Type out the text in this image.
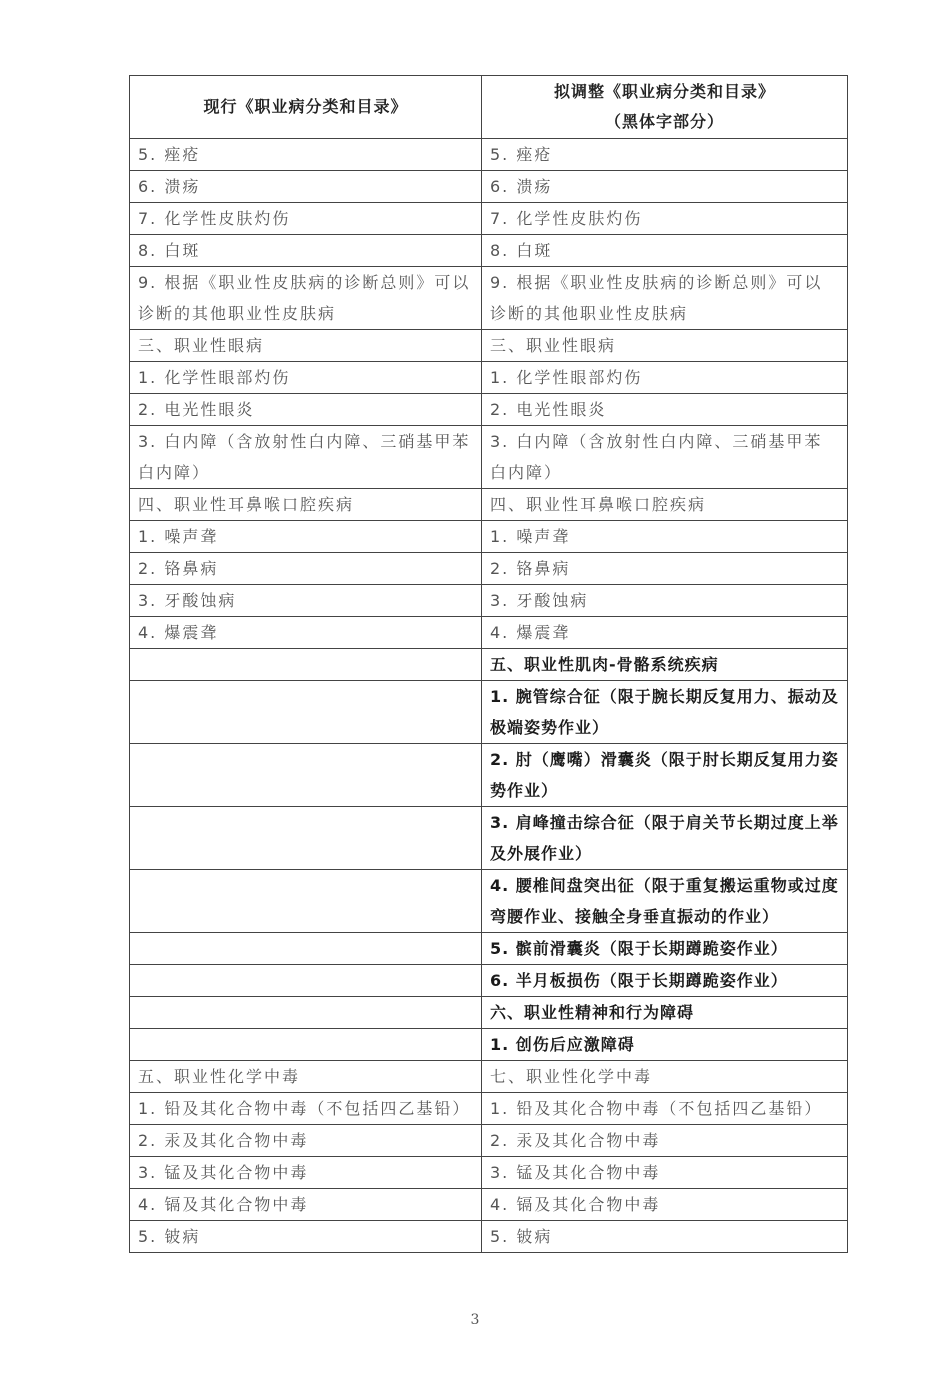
现行《职业病分类和目录》	拟调整《职业病分类和目录》
（黑体字部分）

5. 痤疮	5. 痤疮
6. 溃疡	6. 溃疡
7. 化学性皮肤灼伤	7. 化学性皮肤灼伤
8. 白斑	8. 白斑
9. 根据《职业性皮肤病的诊断总则》可以诊断的其他职业性皮肤病	9. 根据《职业性皮肤病的诊断总则》可以诊断的其他职业性皮肤病
三、职业性眼病	三、职业性眼病
1. 化学性眼部灼伤	1. 化学性眼部灼伤
2. 电光性眼炎	2. 电光性眼炎
3. 白内障（含放射性白内障、三硝基甲苯白内障）	3. 白内障（含放射性白内障、三硝基甲苯白内障）
四、职业性耳鼻喉口腔疾病	四、职业性耳鼻喉口腔疾病
1. 噪声聋	1. 噪声聋
2. 铬鼻病	2. 铬鼻病
3. 牙酸蚀病	3. 牙酸蚀病
4. 爆震聋	4. 爆震聋
	五、职业性肌肉-骨骼系统疾病
	1. 腕管综合征（限于腕长期反复用力、振动及极端姿势作业）
	2. 肘（鹰嘴）滑囊炎（限于肘长期反复用力姿势作业）
	3. 肩峰撞击综合征（限于肩关节长期过度上举及外展作业）
	4. 腰椎间盘突出征（限于重复搬运重物或过度弯腰作业、接触全身垂直振动的作业）
	5. 髌前滑囊炎（限于长期蹲跪姿作业）
	6. 半月板损伤（限于长期蹲跪姿作业）
	六、职业性精神和行为障碍
	1. 创伤后应激障碍
五、职业性化学中毒	七、职业性化学中毒
1. 铅及其化合物中毒（不包括四乙基铅）	1. 铅及其化合物中毒（不包括四乙基铅）
2. 汞及其化合物中毒	2. 汞及其化合物中毒
3. 锰及其化合物中毒	3. 锰及其化合物中毒
4. 镉及其化合物中毒	4. 镉及其化合物中毒
5. 铍病	5. 铍病
3
